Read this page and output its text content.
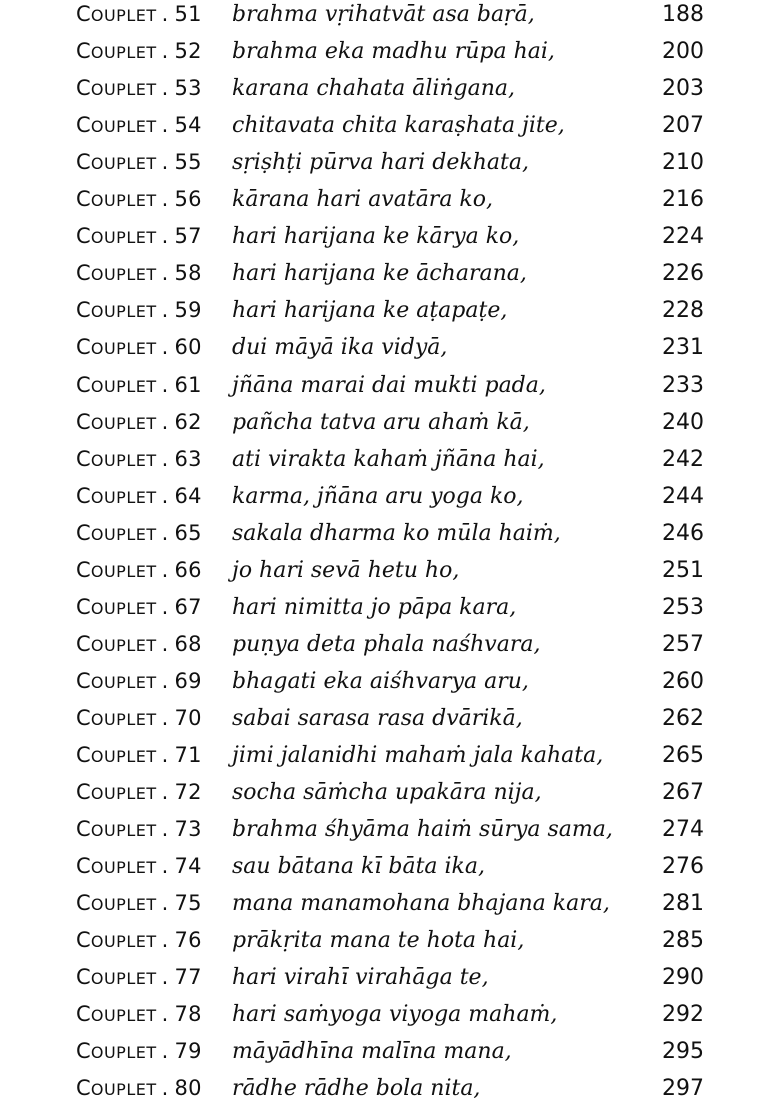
COUPLET . 51 brahma vṛihatvāt asa baṛā,	188
COUPLET . 52 brahma eka madhu rūpa hai,	200
COUPLET . 53 karana chahata āliṅgana,	203
COUPLET . 54 chitavata chita karaṣhata jite,	207
COUPLET . 55 sṛiṣhṭi pūrva hari dekhata,	210
COUPLET . 56 kārana hari avatāra ko,	216
COUPLET . 57 hari harijana ke kārya ko,	224
COUPLET . 58 hari harijana ke ācharana,	226
COUPLET . 59 hari harijana ke aṭapaṭe,	228
COUPLET . 60 dui māyā ika vidyā,	231
COUPLET . 61 jñāna marai dai mukti pada,	233
COUPLET . 62 pañcha tatva aru ahaṁ kā,	240
COUPLET . 63 ati virakta kahaṁ jñāna hai,	242
COUPLET . 64 karma, jñāna aru yoga ko,	244
COUPLET . 65 sakala dharma ko mūla haiṁ,	246
COUPLET . 66 jo hari sevā hetu ho,	251
COUPLET . 67 hari nimitta jo pāpa kara,	253
COUPLET . 68 puṇya deta phala naśhvara,	257
COUPLET . 69 bhagati eka aiśhvarya aru,	260
COUPLET . 70 sabai sarasa rasa dvārikā,	262
COUPLET . 71 jimi jalanidhi mahaṁ jala kahata,	265
COUPLET . 72 socha sāṁcha upakāra nija,	267
COUPLET . 73 brahma śhyāma haiṁ sūrya sama, 274
COUPLET . 74 sau bātana kī bāta ika,	276
COUPLET . 75 mana manamohana bhajana kara, 281
COUPLET . 76 prākṛita mana te hota hai,	285
COUPLET . 77 hari virahī virahāga te,	290
COUPLET . 78 hari saṁyoga viyoga mahaṁ,	292
COUPLET . 79 māyādhīna malīna mana,	295
COUPLET . 80 rādhe rādhe bola nita,	297
